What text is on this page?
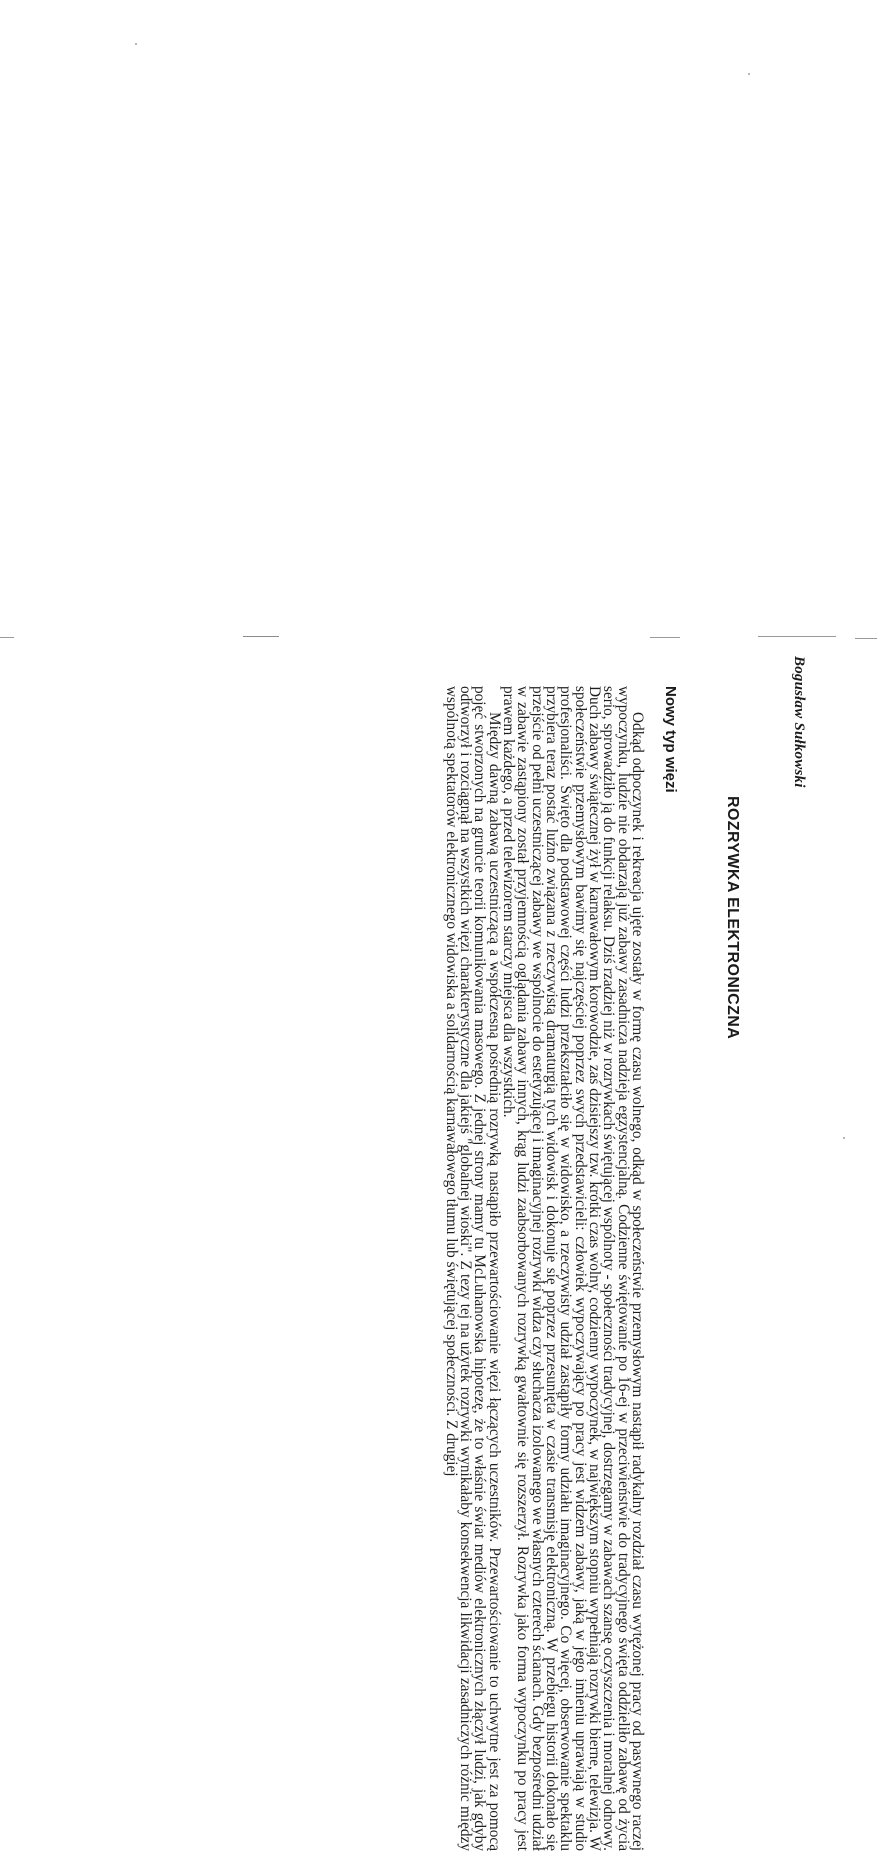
Bogusław Sułkowski
ROZRYWKA ELEKTRONICZNA
Nowy typ więzi

Odkąd odpoczynek i rekreacja ujęte zostały w formę czasu wolnego, odkąd w społeczeństwie przemysłowym nastąpił radykalny rozdział czasu wytężonej pracy od pasywnego raczej wypoczynku, ludzie nie obdarzają już zabawy zasadnicza nadzieja egzystencjalną. Codzienne świętowanie po 16-ej w przeciwieństwie do tradycyjnego święta oddzieliło zabawę od życia serio, sprowadziło ją do funkcji relaksu. Dziś rzadziej niż w rozrywkach świętującej wspólnoty - społeczności tradycyjnej, dostrzegamy w zabawach szansę oczyszczenia i moralnej odnowy. Duch zabawy świątecznej żył w karnawałowym korowodzie, zaś dzisiejszy tzw. krótki czas wolny, codzienny wypoczynek, w największym stopniu wypełniają rozrywki bierne, telewizja. W społeczeństwie przemysłowym bawimy się najczęściej poprzez swych przedstawicieli: człowiek wypoczywający po pracy jest widzem zabawy, jaką w jego imieniu uprawiają w studio profesjonaliści. Święto dla podstawowej części ludzi przekształciło się w widowisko, a rzeczywisty udział zastąpiły formy udziału imaginacyjnego. Co więcej, obserwowanie spektaklu przybiera teraz postać luźno związana z rzeczywistą dramaturgią tych widowisk i dokonuje się poprzez przesunięta w czasie transmisję elektroniczną. W przebiegu historii dokonało się przejście od pełni uczestniczącej zabawy we wspólnocie do estetyzującej i imaginacyjnej rozrywki widza czy słuchacza izolowanego we własnych czterech ścianach. Gdy bezpośredni udział w zabawie zastąpiony został przyjemnością oglądania zabawy innych, krąg ludzi zaabsorbowanych rozrywką gwałtownie się rozszerzył. Rozrywka jako forma wypoczynku po pracy jest prawem każdego, a przed telewizorem starczy miejsca dla wszystkich.

Między dawną zabawą uczestniczącą a współczesną pośrednią rozrywką nastąpiło przewartościowanie więzi łączących uczestników. Przewartościowanie to uchwytne jest za pomocą pojęć stworzonych na gruncie teorii komunikowania masowego. Z jednej strony mamy tu McLuhanowska hipotezę, że to właśnie świat mediów elektronicznych złączył ludzi, jak gdyby odtworzył i rozciągnął na wszystkich więzi charakterystyczne dla jakiejś "globalnej wioski". Z tezy tej na użytek rozrywki wynikałaby konsekwencja likwidacji zasadniczych różnic między wspólnotą spektatorów elektronicznego widowiska a solidarnością karnawałowego tłumu lub świętującej społeczności. Z drugiej
